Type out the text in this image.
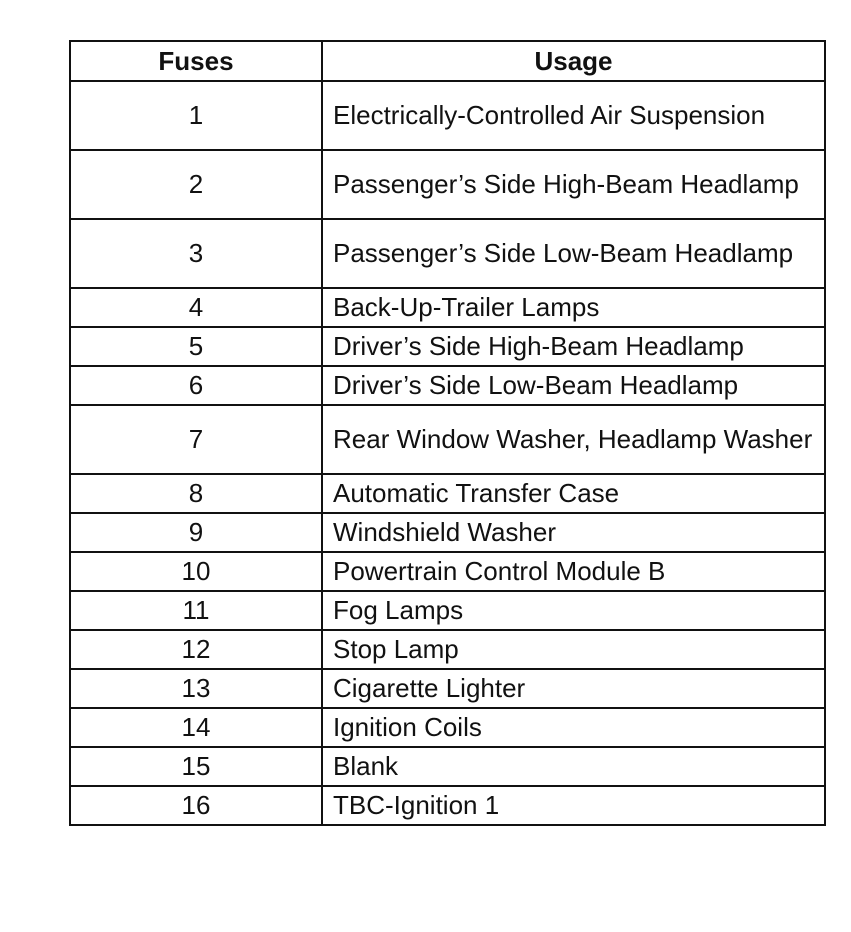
Fuses	Usage
1	Electrically-Controlled Air Suspension
2	Passenger’s Side High-Beam Headlamp
3	Passenger’s Side Low-Beam Headlamp
4	Back-Up-Trailer Lamps
5	Driver’s Side High-Beam Headlamp
6	Driver’s Side Low-Beam Headlamp
7	Rear Window Washer, Headlamp Washer
8	Automatic Transfer Case
9	Windshield Washer
10	Powertrain Control Module B
11	Fog Lamps
12	Stop Lamp
13	Cigarette Lighter
14	Ignition Coils
15	Blank
16	TBC-Ignition 1
